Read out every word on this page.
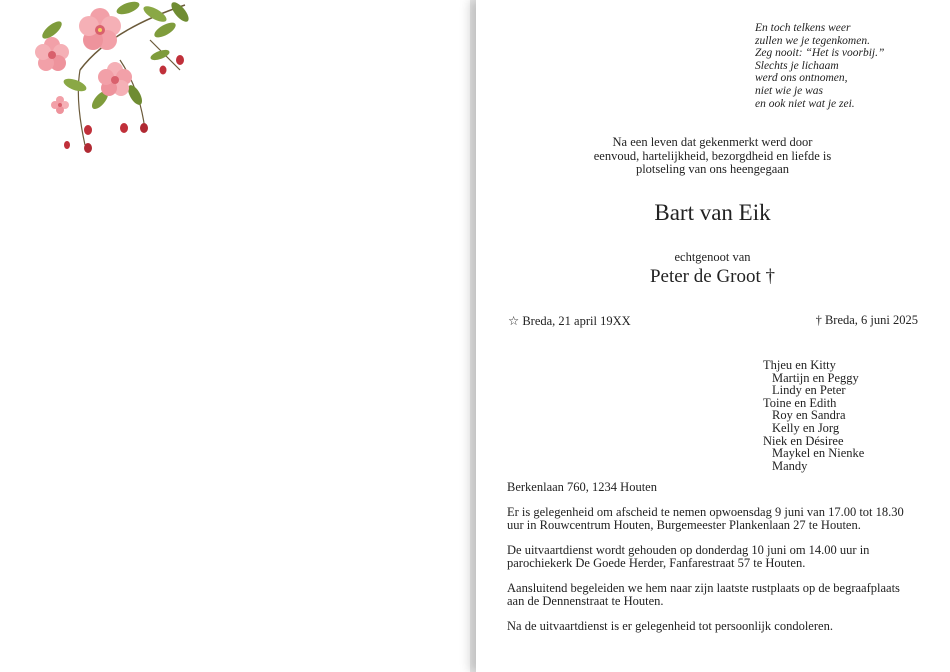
En toch telkens weer
zullen we je tegenkomen.
Zeg nooit: “Het is voorbij.”
Slechts je lichaam
werd ons ontnomen,
niet wie je was
en ook niet wat je zei.
Na een leven dat gekenmerkt werd door
eenvoud, hartelijkheid, bezorgdheid en liefde is
plotseling van ons heengegaan
Bart van Eik
echtgenoot van
Peter de Groot †
☆ Breda, 21 april 19XX	† Breda, 6 juni 2025
Thjeu en Kitty
Martijn en Peggy
Lindy en Peter
Toine en Edith
Roy en Sandra
Kelly en Jorg
Niek en Désiree
Maykel en Nienke
Mandy
Berkenlaan 760, 1234 Houten

Er is gelegenheid om afscheid te nemen opwoensdag 9 juni van 17.00 tot 18.30 uur in Rouwcentrum Houten, Burgemeester Plankenlaan 27 te Houten.

De uitvaartdienst wordt gehouden op donderdag 10 juni om 14.00 uur in parochiekerk De Goede Herder, Fanfarestraat 57 te Houten.

Aansluitend begeleiden we hem naar zijn laatste rustplaats op de begraafplaats aan de Dennenstraat te Houten.

Na de uitvaartdienst is er gelegenheid tot persoonlijk condoleren.
